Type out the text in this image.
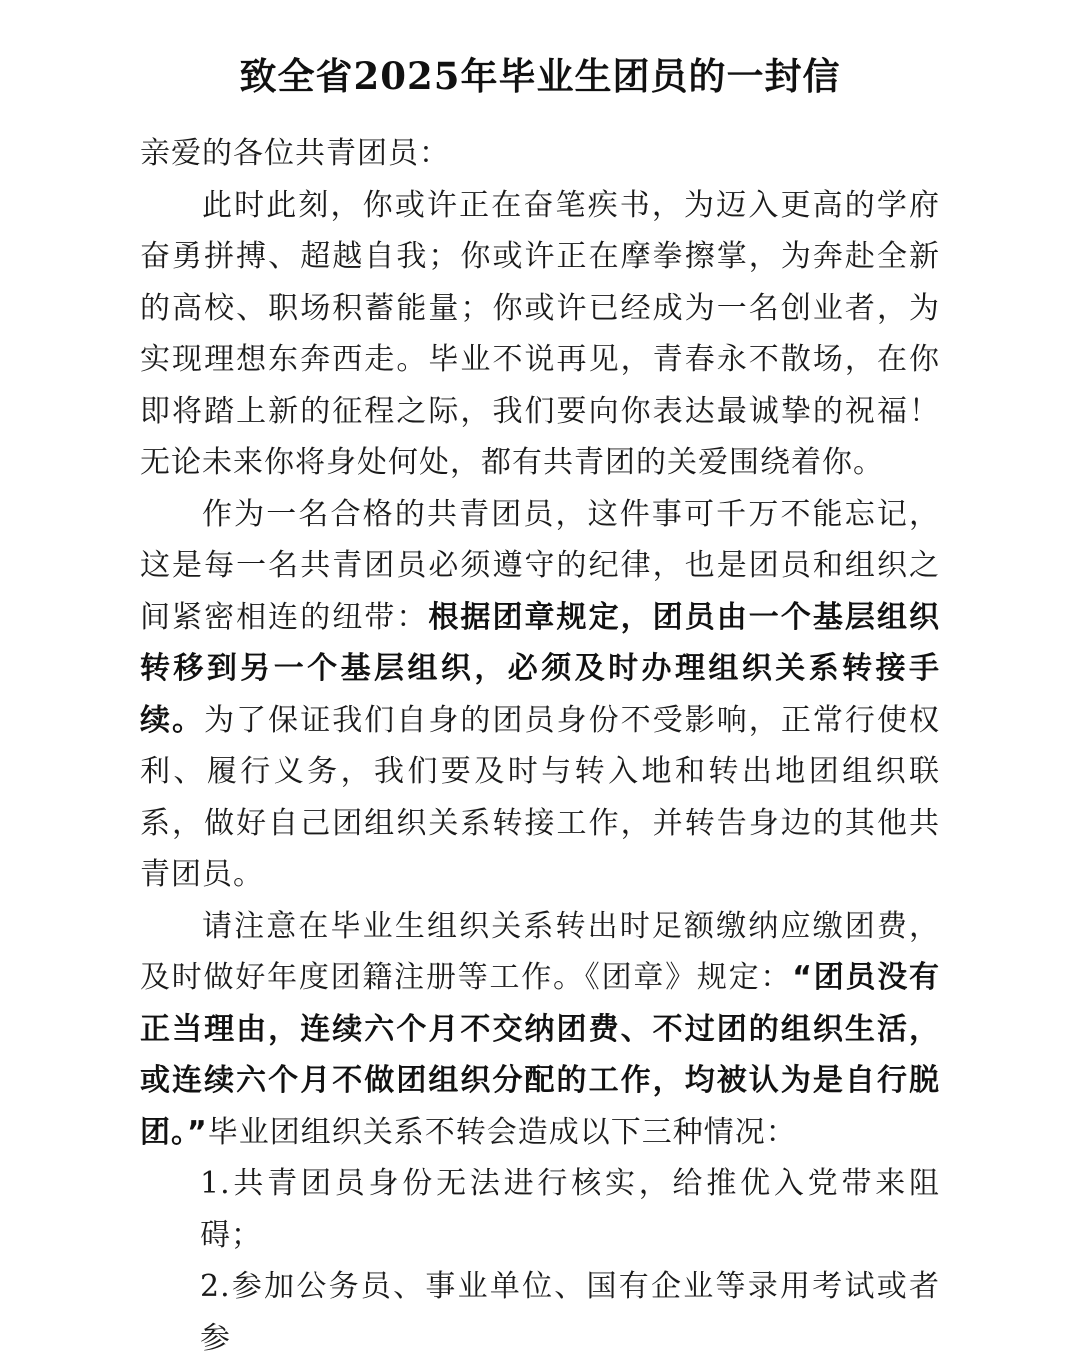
致全省2025年毕业生团员的一封信

亲爱的各位共青团员：

此时此刻，你或许正在奋笔疾书，为迈入更高的学府奋勇拼搏、超越自我；你或许正在摩拳擦掌，为奔赴全新的高校、职场积蓄能量；你或许已经成为一名创业者，为实现理想东奔西走。毕业不说再见，青春永不散场，在你即将踏上新的征程之际，我们要向你表达最诚挚的祝福！无论未来你将身处何处，都有共青团的关爱围绕着你。

作为一名合格的共青团员，这件事可千万不能忘记，这是每一名共青团员必须遵守的纪律，也是团员和组织之间紧密相连的纽带：根据团章规定，团员由一个基层组织转移到另一个基层组织，必须及时办理组织关系转接手续。为了保证我们自身的团员身份不受影响，正常行使权利、履行义务，我们要及时与转入地和转出地团组织联系，做好自己团组织关系转接工作，并转告身边的其他共青团员。

请注意在毕业生组织关系转出时足额缴纳应缴团费，及时做好年度团籍注册等工作。《团章》规定：“团员没有正当理由，连续六个月不交纳团费、不过团的组织生活，或连续六个月不做团组织分配的工作，均被认为是自行脱团。”毕业团组织关系不转会造成以下三种情况：

1.共青团员身份无法进行核实，给推优入党带来阻碍；

2.参加公务员、事业单位、国有企业等录用考试或者参
